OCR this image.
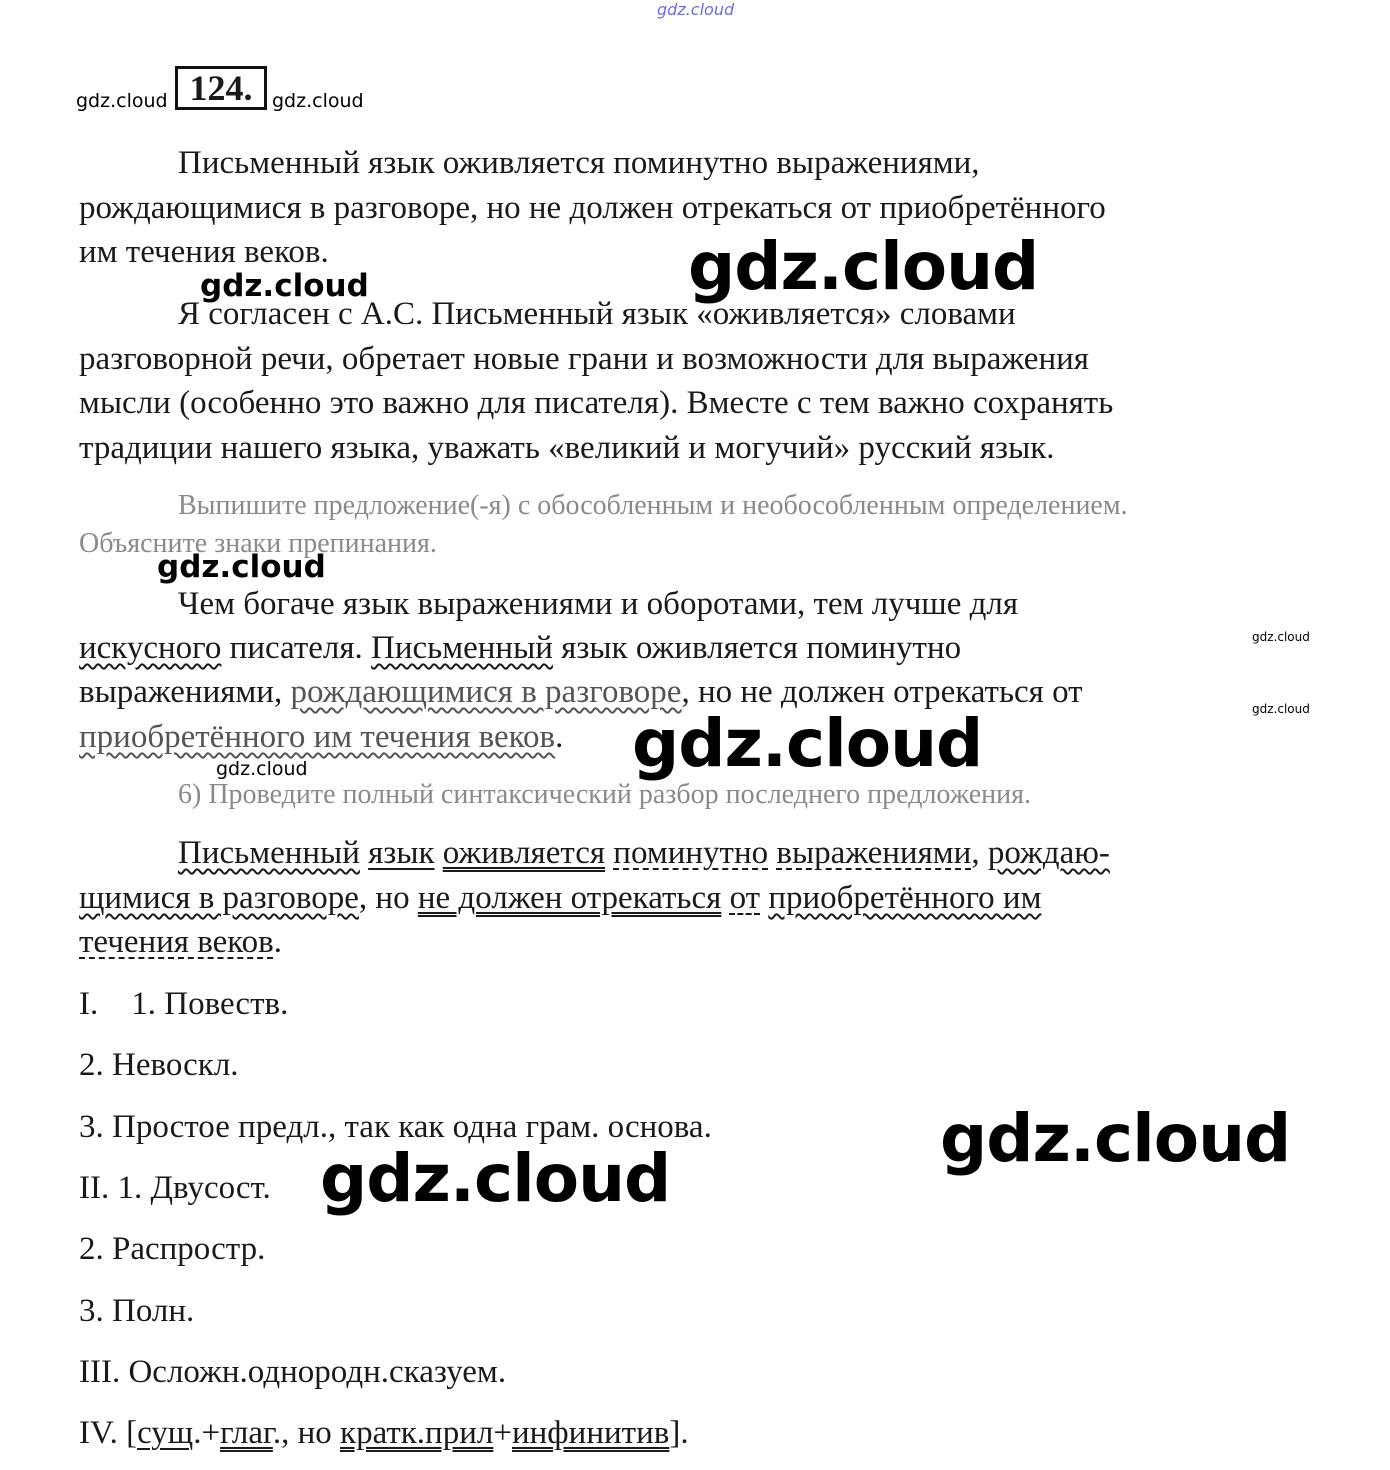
gdz.cloud
gdz.cloud 124.	gdz.cloud
Письменный язык оживляется поминутно выражениями,
рождающимися в разговоре, но не должен отрекаться от приобретённого
им течения веков.
Я согласен с А.С. Письменный язык «оживляется» словами
разговорной речи, обретает новые грани и возможности для выражения
мысли (особенно это важно для писателя). Вместе с тем важно сохранять
традиции нашего языка, уважать «великий и могучий» русский язык.
Выпишите предложение(-я) с обособленным и необособленным определением.
Объясните знаки препинания.
Чем богаче язык выражениями и оборотами, тем лучше для
искусного писателя. Письменный язык оживляется поминутно
выражениями, рождающимися в разговоре, но не должен отрекаться от
приобретённого им течения веков.
6) Проведите полный синтаксический разбор последнего предложения.
Письменный язык оживляется поминутно выражениями, рождаю-
щимися в разговоре, но не должен отрекаться от приобретённого им
течения веков.
I.    1. Повеств.
2. Невоскл.
3. Простое предл., так как одна грам. основа.
II. 1. Двусост.
2. Распростр.
3. Полн.
III. Осложн.однородн.сказуем.
IV. [сущ.+глаг., но кратк.прил+инфинитив].
gdz.cloud
gdz.cloud
gdz.cloud
gdz.cloud
gdz.cloud
gdz.cloud
gdz.cloud
gdz.cloud
gdz.cloud
